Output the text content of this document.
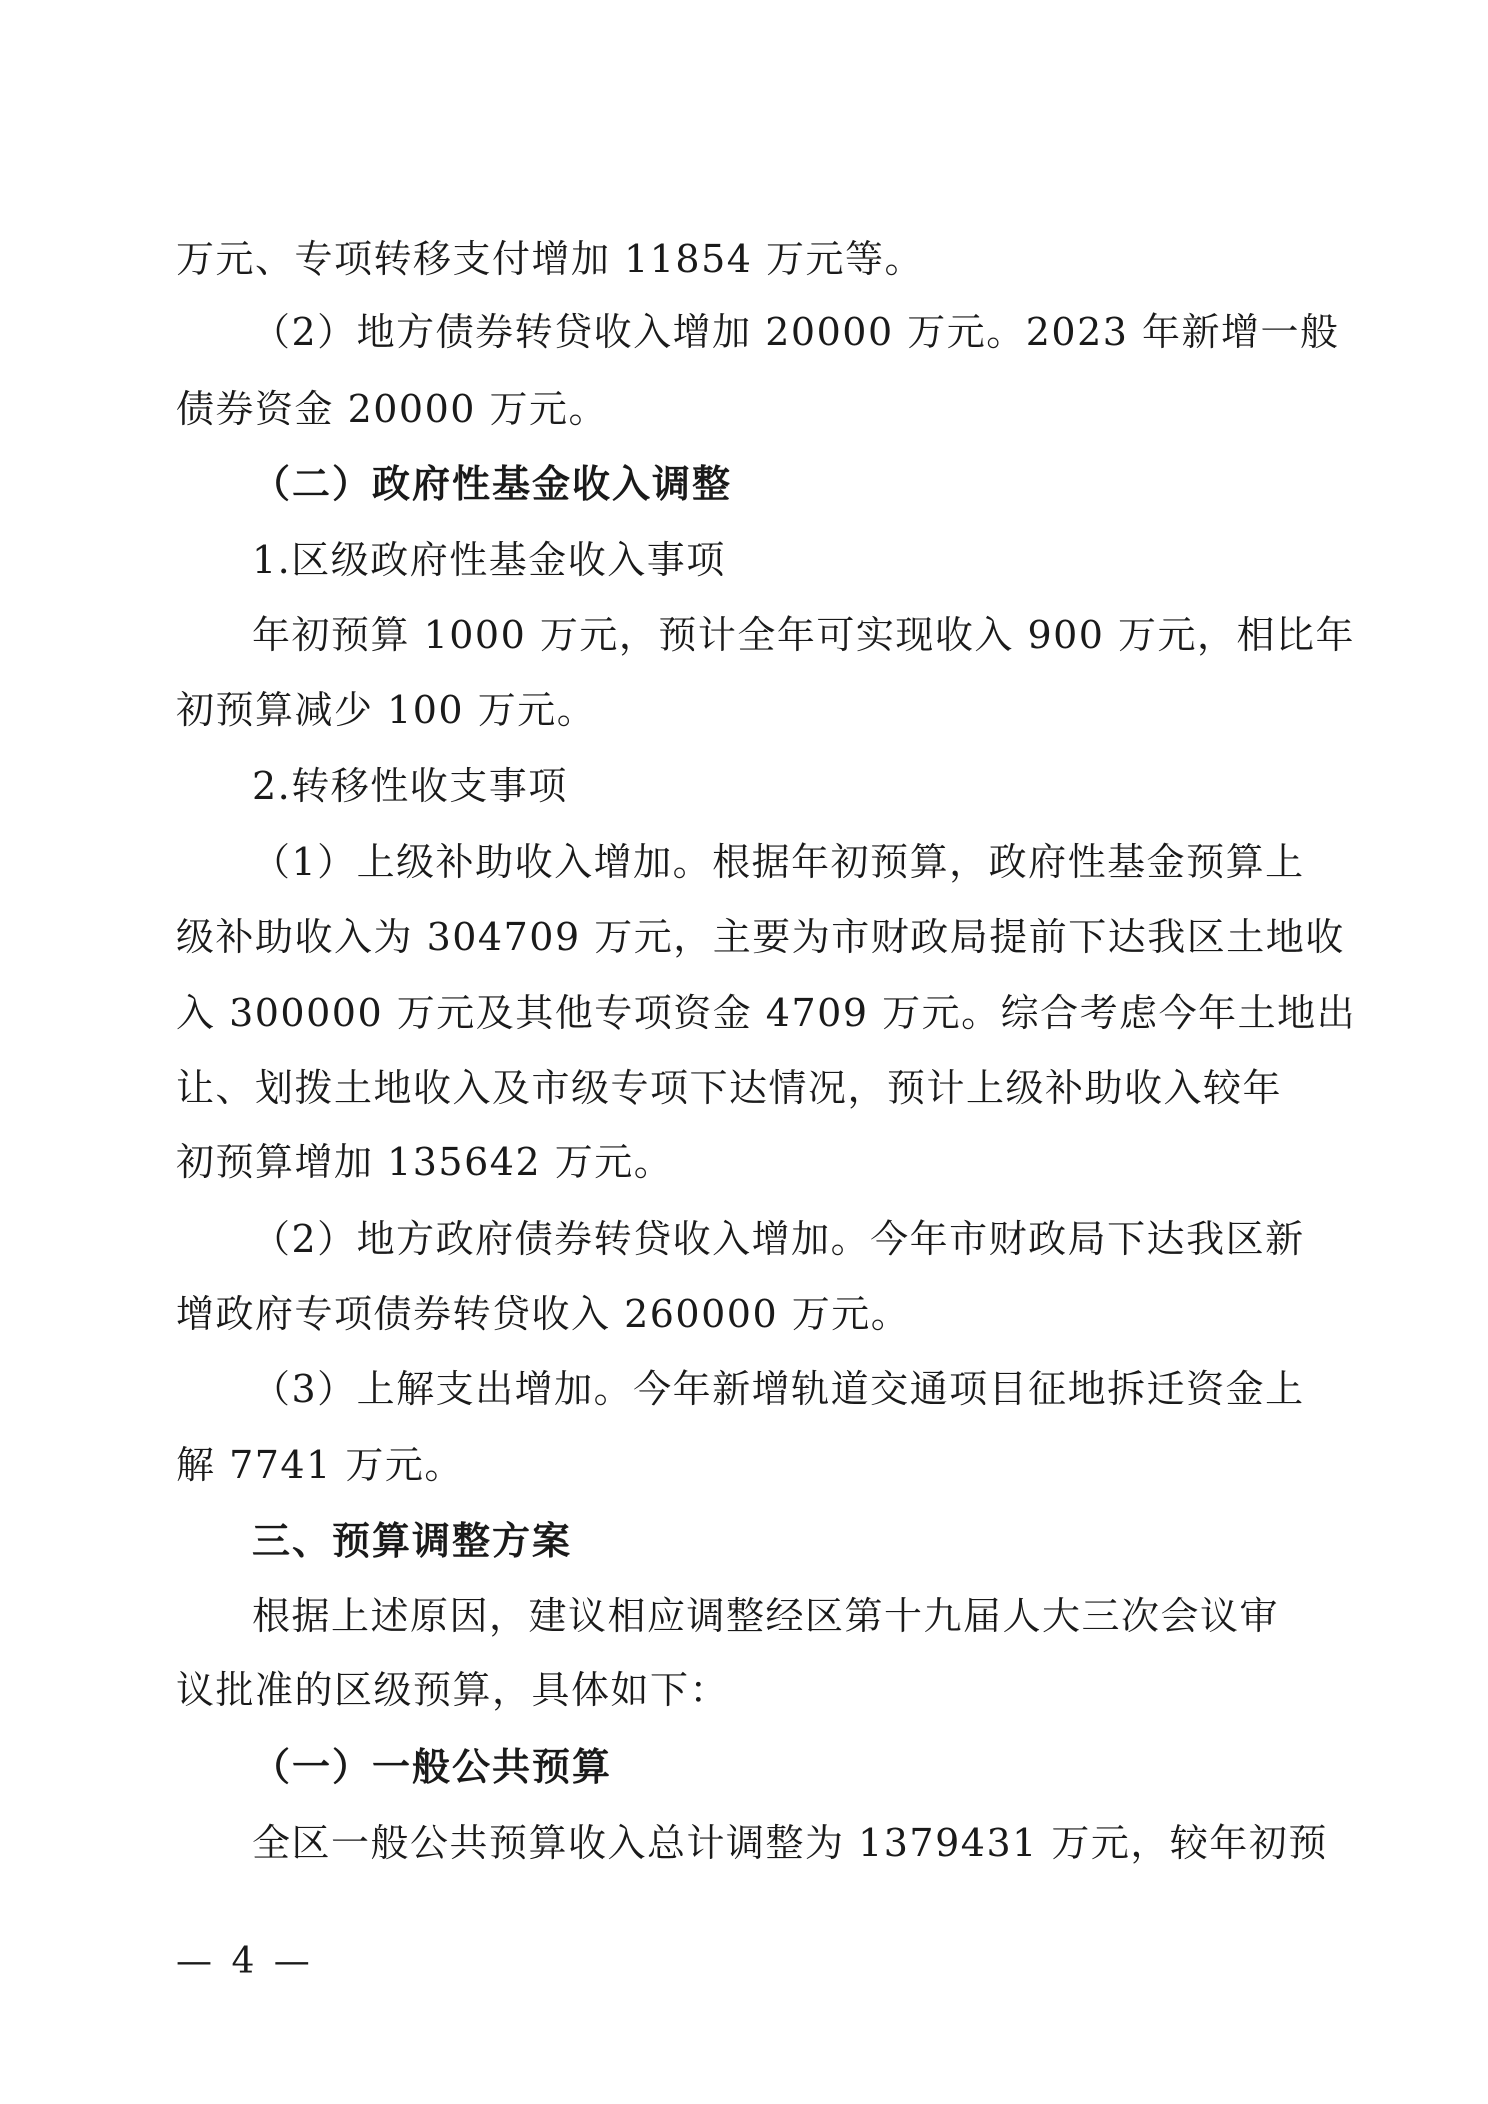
万元、专项转移支付增加 11854 万元等。
（2）地方债券转贷收入增加 20000 万元。2023 年新增一般
债券资金 20000 万元。
（二）政府性基金收入调整
1.区级政府性基金收入事项
年初预算 1000 万元，预计全年可实现收入 900 万元，相比年
初预算减少 100 万元。
2.转移性收支事项
（1）上级补助收入增加。根据年初预算，政府性基金预算上
级补助收入为 304709 万元，主要为市财政局提前下达我区土地收
入 300000 万元及其他专项资金 4709 万元。综合考虑今年土地出
让、划拨土地收入及市级专项下达情况，预计上级补助收入较年
初预算增加 135642 万元。
（2）地方政府债券转贷收入增加。今年市财政局下达我区新
增政府专项债券转贷收入 260000 万元。
（3）上解支出增加。今年新增轨道交通项目征地拆迁资金上
解 7741 万元。
三、预算调整方案
根据上述原因，建议相应调整经区第十九届人大三次会议审
议批准的区级预算，具体如下：
（一）一般公共预算
全区一般公共预算收入总计调整为 1379431 万元，较年初预
— 4 —
